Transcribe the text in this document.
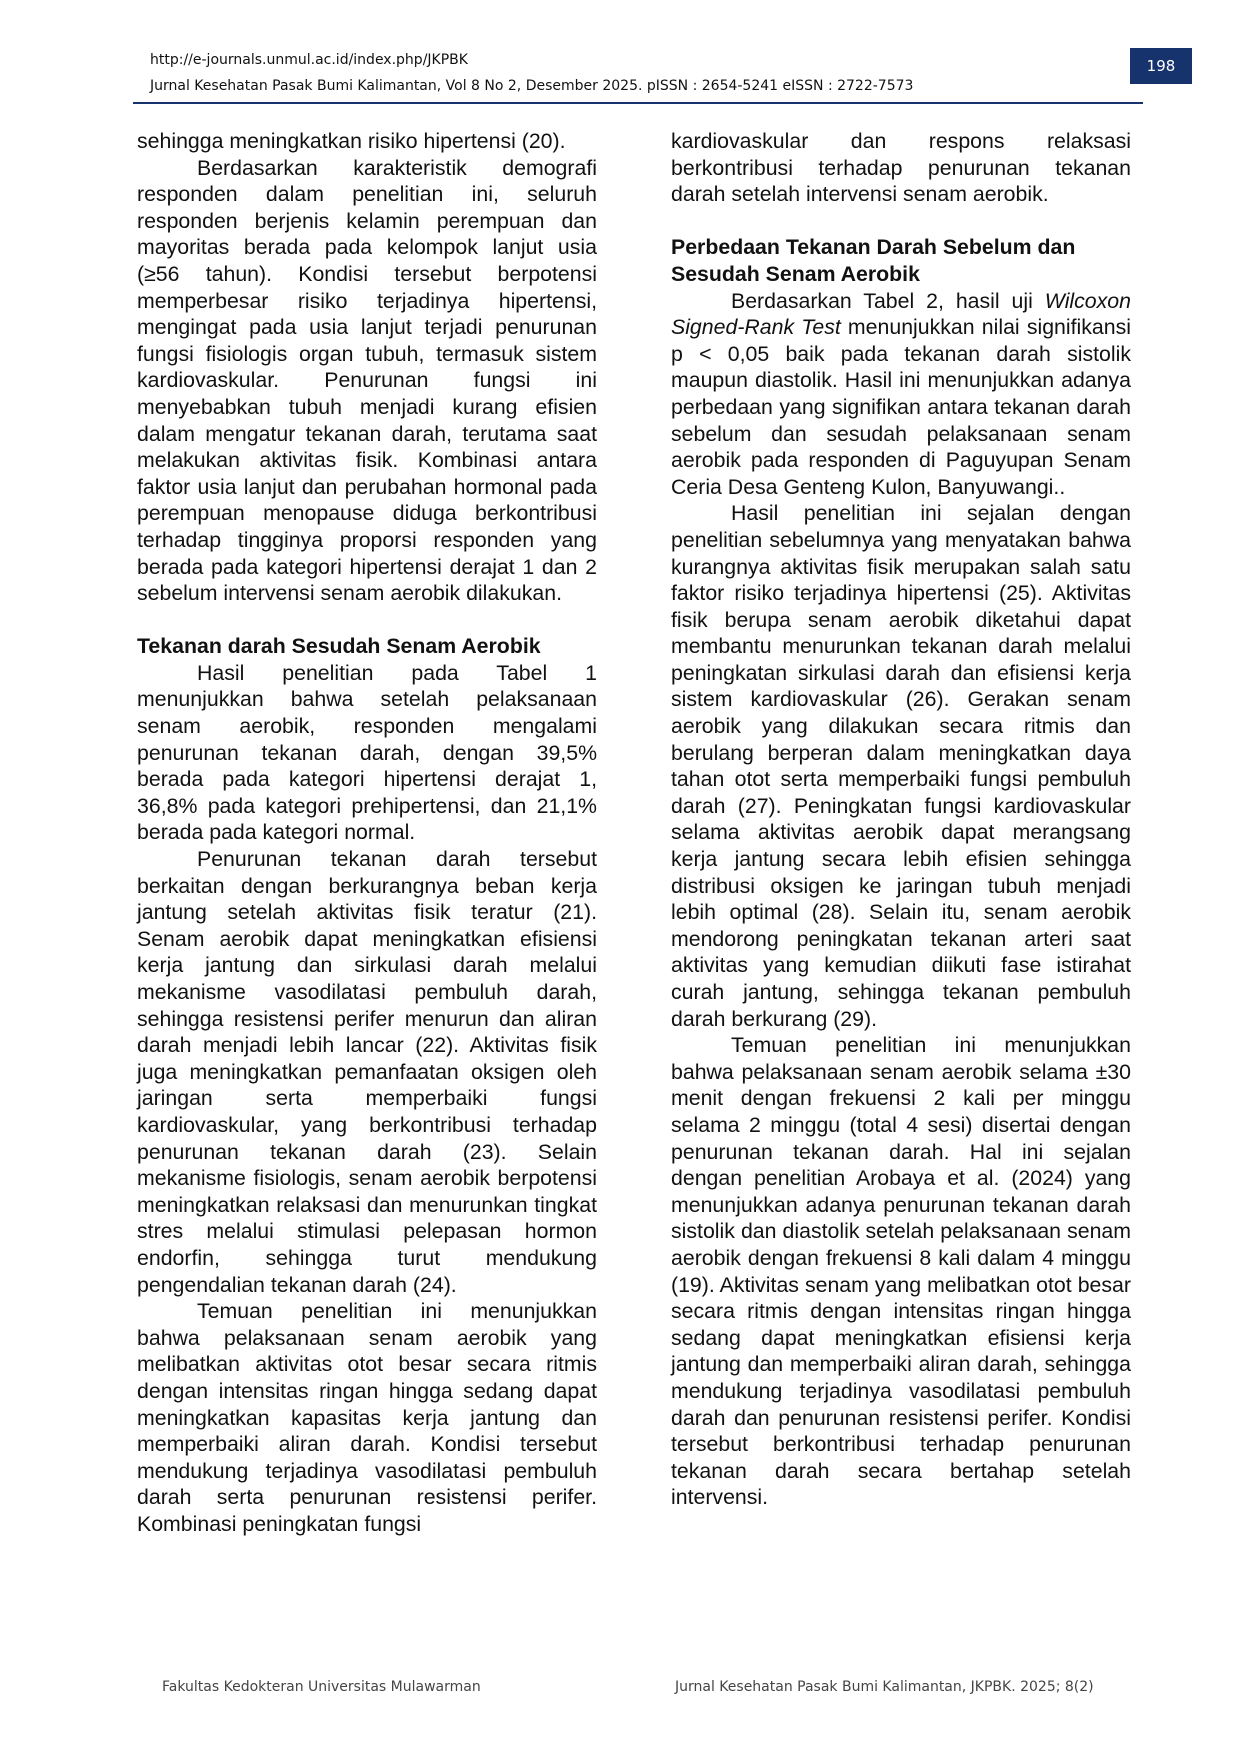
http://e-journals.unmul.ac.id/index.php/JKPBK
Jurnal Kesehatan Pasak Bumi Kalimantan, Vol 8 No 2, Desember 2025. pISSN : 2654-5241 eISSN : 2722-7573
198

sehingga meningkatkan risiko hipertensi (20).

Berdasarkan karakteristik demografi responden dalam penelitian ini, seluruh responden berjenis kelamin perempuan dan mayoritas berada pada kelompok lanjut usia (≥56 tahun). Kondisi tersebut berpotensi memperbesar risiko terjadinya hipertensi, mengingat pada usia lanjut terjadi penurunan fungsi fisiologis organ tubuh, termasuk sistem kardiovaskular. Penurunan fungsi ini menyebabkan tubuh menjadi kurang efisien dalam mengatur tekanan darah, terutama saat melakukan aktivitas fisik. Kombinasi antara faktor usia lanjut dan perubahan hormonal pada perempuan menopause diduga berkontribusi terhadap tingginya proporsi responden yang berada pada kategori hipertensi derajat 1 dan 2 sebelum intervensi senam aerobik dilakukan.

Tekanan darah Sesudah Senam Aerobik

Hasil penelitian pada Tabel 1 menunjukkan bahwa setelah pelaksanaan senam aerobik, responden mengalami penurunan tekanan darah, dengan 39,5% berada pada kategori hipertensi derajat 1, 36,8% pada kategori prehipertensi, dan 21,1% berada pada kategori normal.

Penurunan tekanan darah tersebut berkaitan dengan berkurangnya beban kerja jantung setelah aktivitas fisik teratur (21). Senam aerobik dapat meningkatkan efisiensi kerja jantung dan sirkulasi darah melalui mekanisme vasodilatasi pembuluh darah, sehingga resistensi perifer menurun dan aliran darah menjadi lebih lancar (22). Aktivitas fisik juga meningkatkan pemanfaatan oksigen oleh jaringan serta memperbaiki fungsi kardiovaskular, yang berkontribusi terhadap penurunan tekanan darah (23). Selain mekanisme fisiologis, senam aerobik berpotensi meningkatkan relaksasi dan menurunkan tingkat stres melalui stimulasi pelepasan hormon endorfin, sehingga turut mendukung pengendalian tekanan darah (24).

Temuan penelitian ini menunjukkan bahwa pelaksanaan senam aerobik yang melibatkan aktivitas otot besar secara ritmis dengan intensitas ringan hingga sedang dapat meningkatkan kapasitas kerja jantung dan memperbaiki aliran darah. Kondisi tersebut mendukung terjadinya vasodilatasi pembuluh darah serta penurunan resistensi perifer. Kombinasi peningkatan fungsi

kardiovaskular dan respons relaksasi berkontribusi terhadap penurunan tekanan darah setelah intervensi senam aerobik.

Perbedaan Tekanan Darah Sebelum dan Sesudah Senam Aerobik

Berdasarkan Tabel 2, hasil uji Wilcoxon Signed-Rank Test menunjukkan nilai signifikansi p < 0,05 baik pada tekanan darah sistolik maupun diastolik. Hasil ini menunjukkan adanya perbedaan yang signifikan antara tekanan darah sebelum dan sesudah pelaksanaan senam aerobik pada responden di Paguyupan Senam Ceria Desa Genteng Kulon, Banyuwangi..

Hasil penelitian ini sejalan dengan penelitian sebelumnya yang menyatakan bahwa kurangnya aktivitas fisik merupakan salah satu faktor risiko terjadinya hipertensi (25). Aktivitas fisik berupa senam aerobik diketahui dapat membantu menurunkan tekanan darah melalui peningkatan sirkulasi darah dan efisiensi kerja sistem kardiovaskular (26). Gerakan senam aerobik yang dilakukan secara ritmis dan berulang berperan dalam meningkatkan daya tahan otot serta memperbaiki fungsi pembuluh darah (27). Peningkatan fungsi kardiovaskular selama aktivitas aerobik dapat merangsang kerja jantung secara lebih efisien sehingga distribusi oksigen ke jaringan tubuh menjadi lebih optimal (28). Selain itu, senam aerobik mendorong peningkatan tekanan arteri saat aktivitas yang kemudian diikuti fase istirahat curah jantung, sehingga tekanan pembuluh darah berkurang (29).

Temuan penelitian ini menunjukkan bahwa pelaksanaan senam aerobik selama ±30 menit dengan frekuensi 2 kali per minggu selama 2 minggu (total 4 sesi) disertai dengan penurunan tekanan darah. Hal ini sejalan dengan penelitian Arobaya et al. (2024) yang menunjukkan adanya penurunan tekanan darah sistolik dan diastolik setelah pelaksanaan senam aerobik dengan frekuensi 8 kali dalam 4 minggu (19). Aktivitas senam yang melibatkan otot besar secara ritmis dengan intensitas ringan hingga sedang dapat meningkatkan efisiensi kerja jantung dan memperbaiki aliran darah, sehingga mendukung terjadinya vasodilatasi pembuluh darah dan penurunan resistensi perifer. Kondisi tersebut berkontribusi terhadap penurunan tekanan darah secara bertahap setelah intervensi.

Fakultas Kedokteran Universitas Mulawarman	Jurnal Kesehatan Pasak Bumi Kalimantan, JKPBK. 2025; 8(2)
